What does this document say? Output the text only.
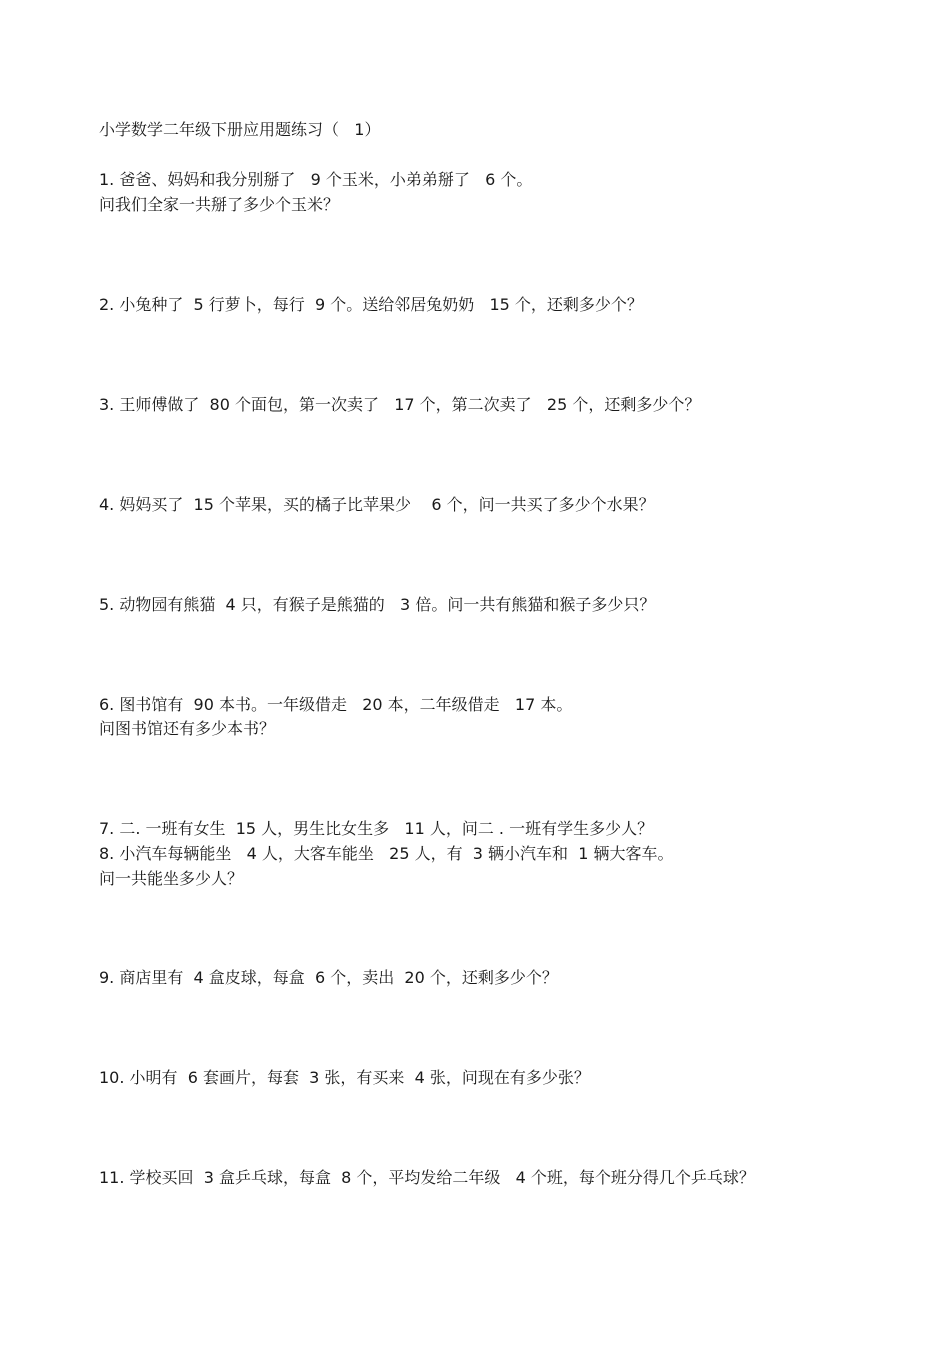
小学数学二年级下册应用题练习（   1）

1. 爸爸、妈妈和我分别掰了   9 个玉米，小弟弟掰了   6 个。

问我们全家一共掰了多少个玉米？

2. 小兔种了  5 行萝卜，每行  9 个。送给邻居兔奶奶   15 个，还剩多少个？

3. 王师傅做了  80 个面包，第一次卖了   17 个，第二次卖了   25 个，还剩多少个？

4. 妈妈买了  15 个苹果，买的橘子比苹果少    6 个，问一共买了多少个水果？

5. 动物园有熊猫  4 只，有猴子是熊猫的   3 倍。问一共有熊猫和猴子多少只？

6. 图书馆有  90 本书。一年级借走   20 本，二年级借走   17 本。

问图书馆还有多少本书？

7. 二. 一班有女生  15 人，男生比女生多   11 人，问二 . 一班有学生多少人？

8. 小汽车每辆能坐   4 人，大客车能坐   25 人，有  3 辆小汽车和  1 辆大客车。

问一共能坐多少人？

9. 商店里有  4 盒皮球，每盒  6 个，卖出  20 个，还剩多少个？

10. 小明有  6 套画片，每套  3 张，有买来  4 张，问现在有多少张？

11. 学校买回  3 盒乒乓球，每盒  8 个，平均发给二年级   4 个班，每个班分得几个乒乓球？
